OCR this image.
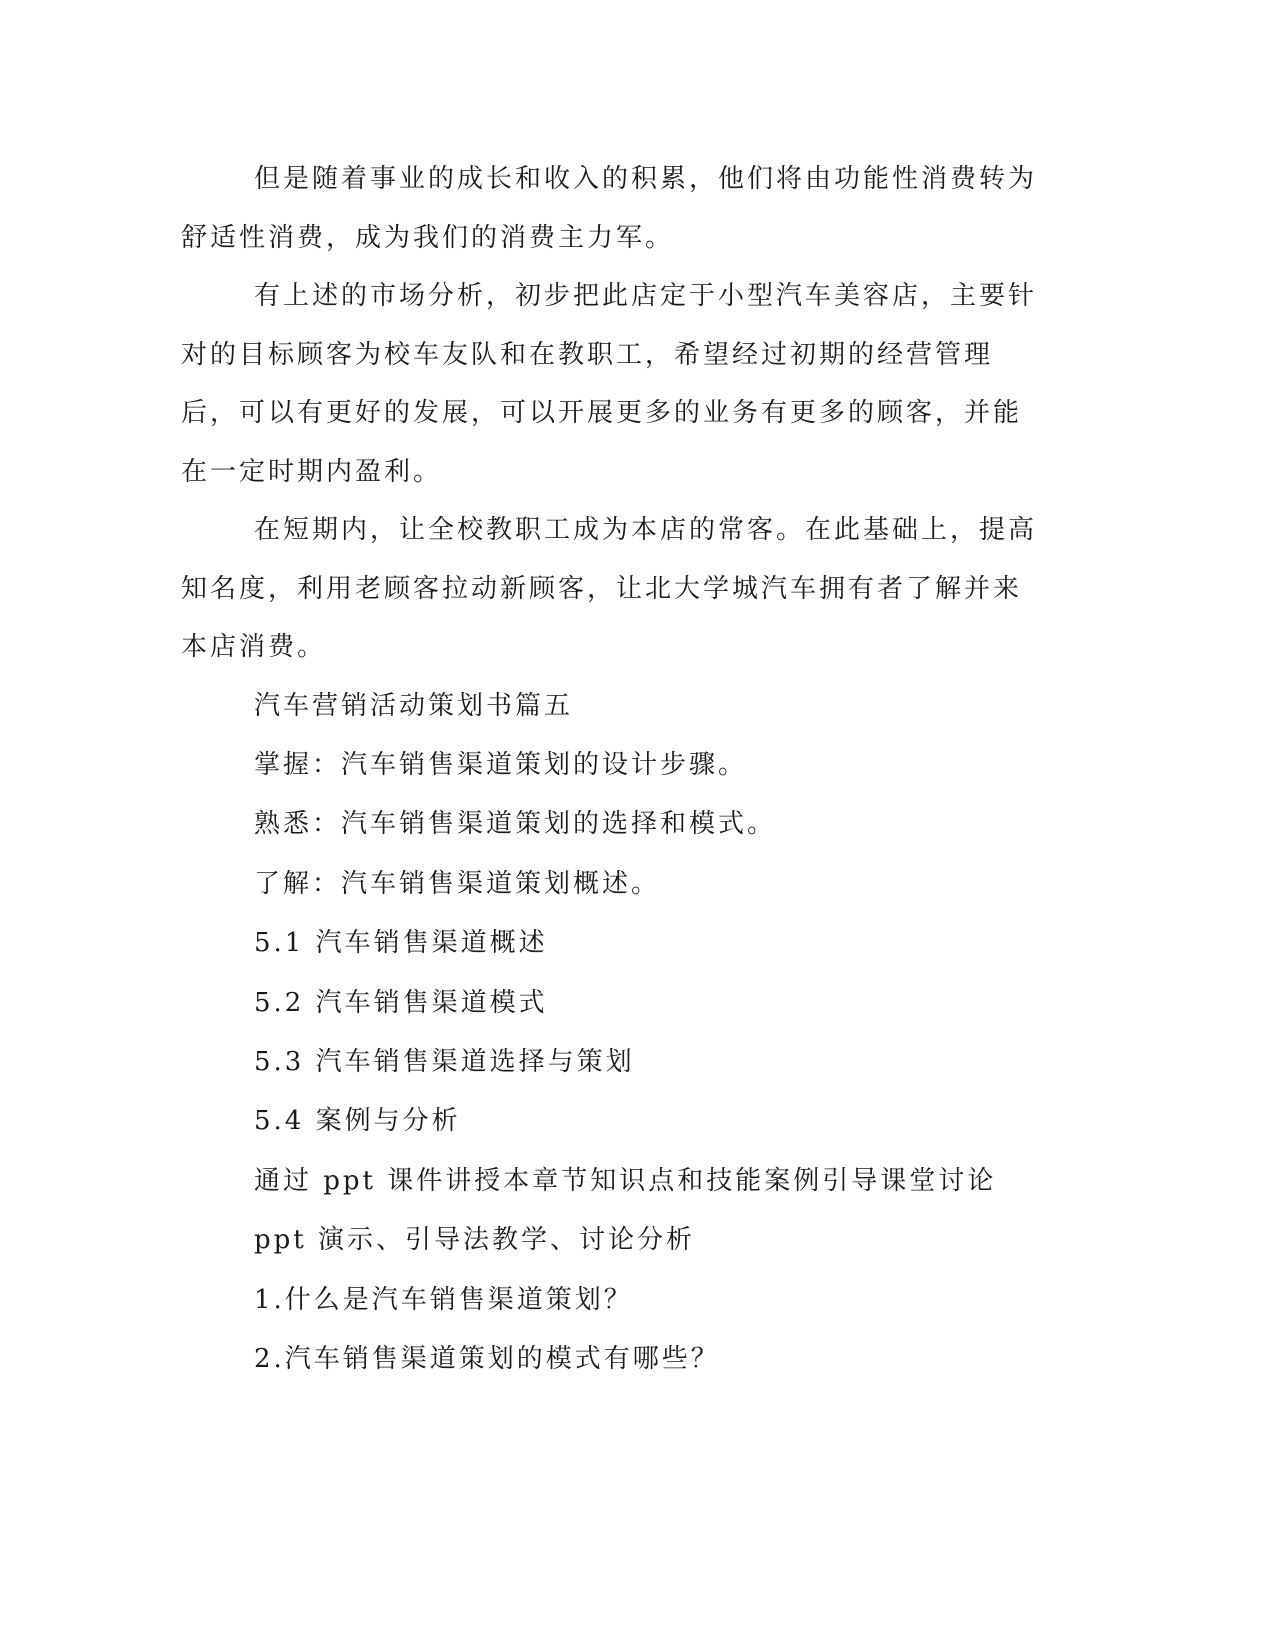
但是随着事业的成长和收入的积累，他们将由功能性消费转为舒适性消费，成为我们的消费主力军。

有上述的市场分析，初步把此店定于小型汽车美容店，主要针对的目标顾客为校车友队和在教职工，希望经过初期的经营管理后，可以有更好的发展，可以开展更多的业务有更多的顾客，并能在一定时期内盈利。

在短期内，让全校教职工成为本店的常客。在此基础上，提高知名度，利用老顾客拉动新顾客，让北大学城汽车拥有者了解并来本店消费。

汽车营销活动策划书篇五

掌握：汽车销售渠道策划的设计步骤。

熟悉：汽车销售渠道策划的选择和模式。

了解：汽车销售渠道策划概述。

5.1 汽车销售渠道概述

5.2 汽车销售渠道模式

5.3 汽车销售渠道选择与策划

5.4 案例与分析

通过 ppt 课件讲授本章节知识点和技能案例引导课堂讨论

ppt 演示、引导法教学、讨论分析

1.什么是汽车销售渠道策划？

2.汽车销售渠道策划的模式有哪些？
